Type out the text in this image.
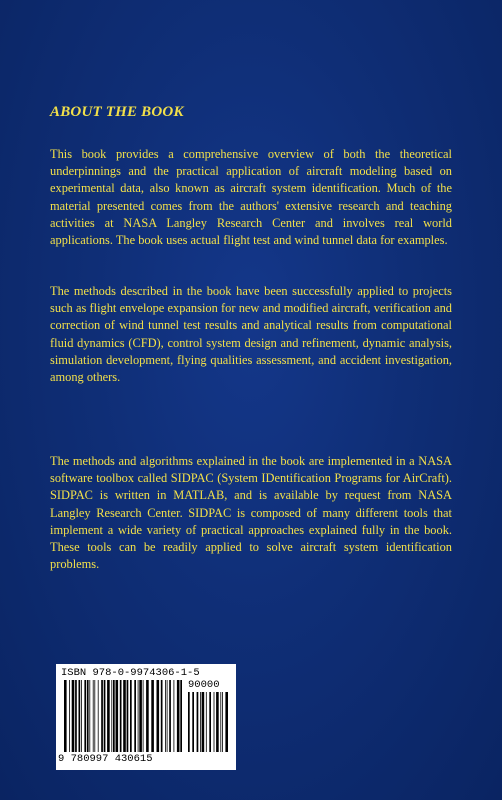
ABOUT THE BOOK

This book provides a comprehensive overview of both the theoretical underpinnings and the practical application of aircraft modeling based on experimental data, also known as aircraft system identification. Much of the material presented comes from the authors' extensive research and teaching activities at NASA Langley Research Center and involves real world applications. The book uses actual flight test and wind tunnel data for examples.

The methods described in the book have been successfully applied to projects such as flight envelope expansion for new and modified aircraft, verification and correction of wind tunnel test results and analytical results from computational fluid dynamics (CFD), control system design and refinement, dynamic analysis, simulation development, flying qualities assessment, and accident investigation, among others.

The methods and algorithms explained in the book are implemented in a NASA software toolbox called SIDPAC (System IDentification Programs for AirCraft). SIDPAC is written in MATLAB, and is available by request from NASA Langley Research Center. SIDPAC is composed of many different tools that implement a wide variety of practical approaches explained fully in the book. These tools can be readily applied to solve aircraft system identification problems.

ISBN 978-0-9974306-1-5
90000
9 780997 430615
